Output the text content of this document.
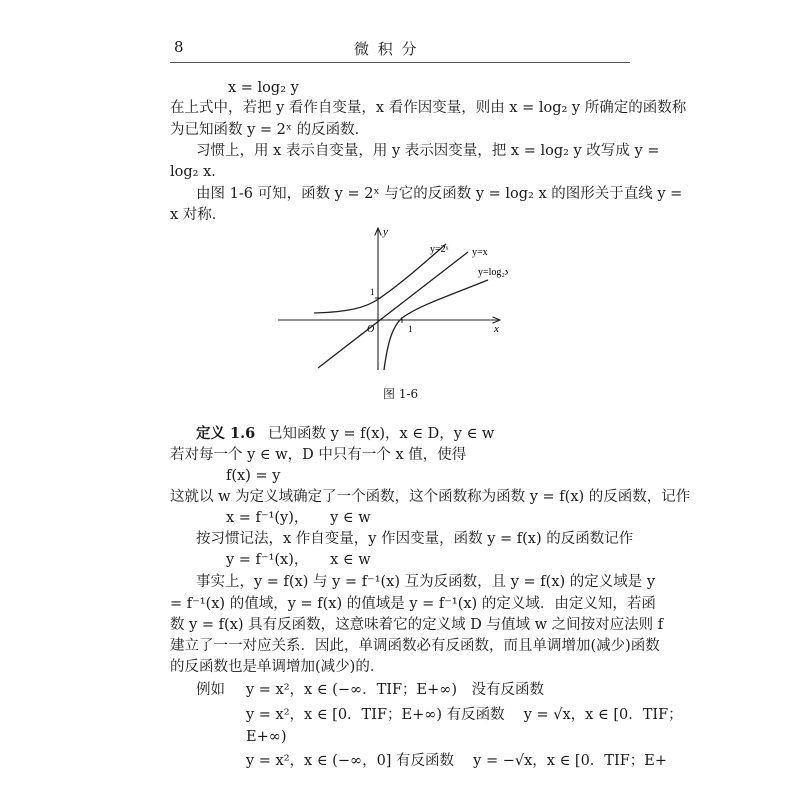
8	微 积 分
x = log₂ y
在上式中，若把 y 看作自变量，x 看作因变量，则由 x = log₂ y 所确定的函数称
为已知函数 y = 2ˣ 的反函数．
习惯上，用 x 表示自变量，用 y 表示因变量，把 x = log₂ y 改写成 y =
log₂ x．
由图 1-6 可知，函数 y = 2ˣ 与它的反函数 y = log₂ x 的图形关于直线 y =
x 对称．
y
x
O
1
1
y=2ˣ y=x
y=log₂x
图 1-6
定义 1.6 已知函数 y = f(x)，x ∈ D，y ∈ w
若对每一个 y ∈ w，D 中只有一个 x 值，使得
f(x) = y
这就以 w 为定义域确定了一个函数，这个函数称为函数 y = f(x) 的反函数，记作
x = f⁻¹(y)，　　y ∈ w
按习惯记法，x 作自变量，y 作因变量，函数 y = f(x) 的反函数记作
y = f⁻¹(x)，　　x ∈ w
事实上，y = f(x) 与 y = f⁻¹(x) 互为反函数，且 y = f(x) 的定义域是 y
= f⁻¹(x) 的值域，y = f(x) 的值域是 y = f⁻¹(x) 的定义域．由定义知，若函
数 y = f(x) 具有反函数，这意味着它的定义域 D 与值域 w 之间按对应法则 f
建立了一一对应关系．因此，单调函数必有反函数，而且单调增加(减少)函数
的反函数也是单调增加(减少)的．
例如 y = x²，x ∈ (−∞．TIF；E+∞)　没有反函数
y = x²，x ∈ [0．TIF；E+∞) 有反函数　 y = √x，x ∈ [0．TIF；
E+∞)
y = x²，x ∈ (−∞，0] 有反函数　 y = −√x，x ∈ [0．TIF；E+
